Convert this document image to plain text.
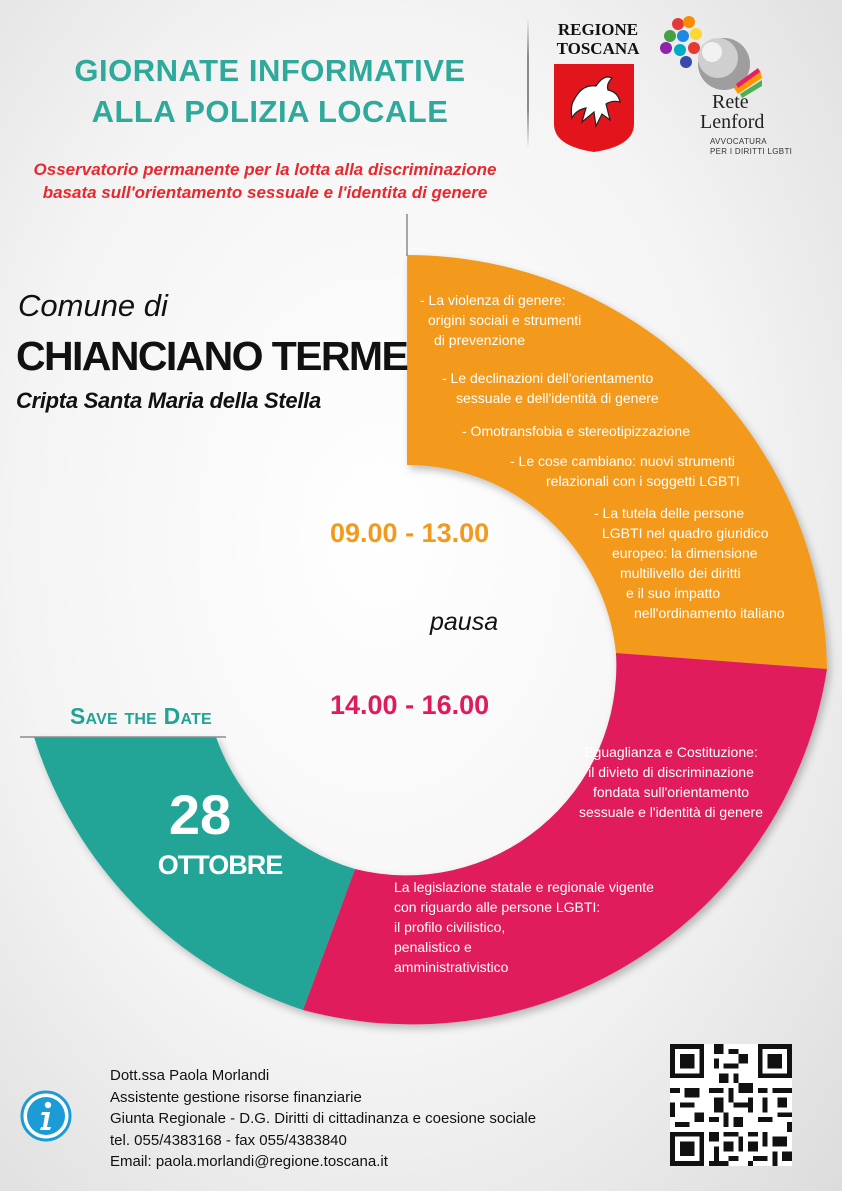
GIORNATE INFORMATIVE
ALLA POLIZIA LOCALE
Osservatorio permanente per la lotta alla discriminazione
basata sull'orientamento sessuale e l'identita di genere
REGIONE
TOSCANA
Rete
Lenford
AVVOCATURA
PER I DIRITTI LGBTI
Comune di
CHIANCIANO TERME
Cripta Santa Maria della Stella
- La violenza di genere:
origini sociali e strumenti
di prevenzione
- Le declinazioni dell'orientamento
sessuale e dell'identità di genere
- Omotransfobia e stereotipizzazione
- Le cose cambiano: nuovi strumenti
relazionali con i soggetti LGBTI
- La tutela delle persone
LGBTI nel quadro giuridico
europeo: la dimensione
multilivello dei diritti
e il suo impatto
nell'ordinamento italiano
09.00 - 13.00
pausa
14.00 - 16.00
Eguaglianza e Costituzione:
il divieto di discriminazione
fondata sull'orientamento
sessuale e l'identità di genere
La legislazione statale e regionale vigente
con riguardo alle persone LGBTI:
il profilo civilistico,
penalistico e
amministrativistico
Save the Date
28
OTTOBRE
Dott.ssa Paola Morlandi
Assistente gestione risorse finanziarie
Giunta Regionale - D.G. Diritti di cittadinanza e coesione sociale
tel. 055/4383168 - fax 055/4383840
Email: paola.morlandi@regione.toscana.it
